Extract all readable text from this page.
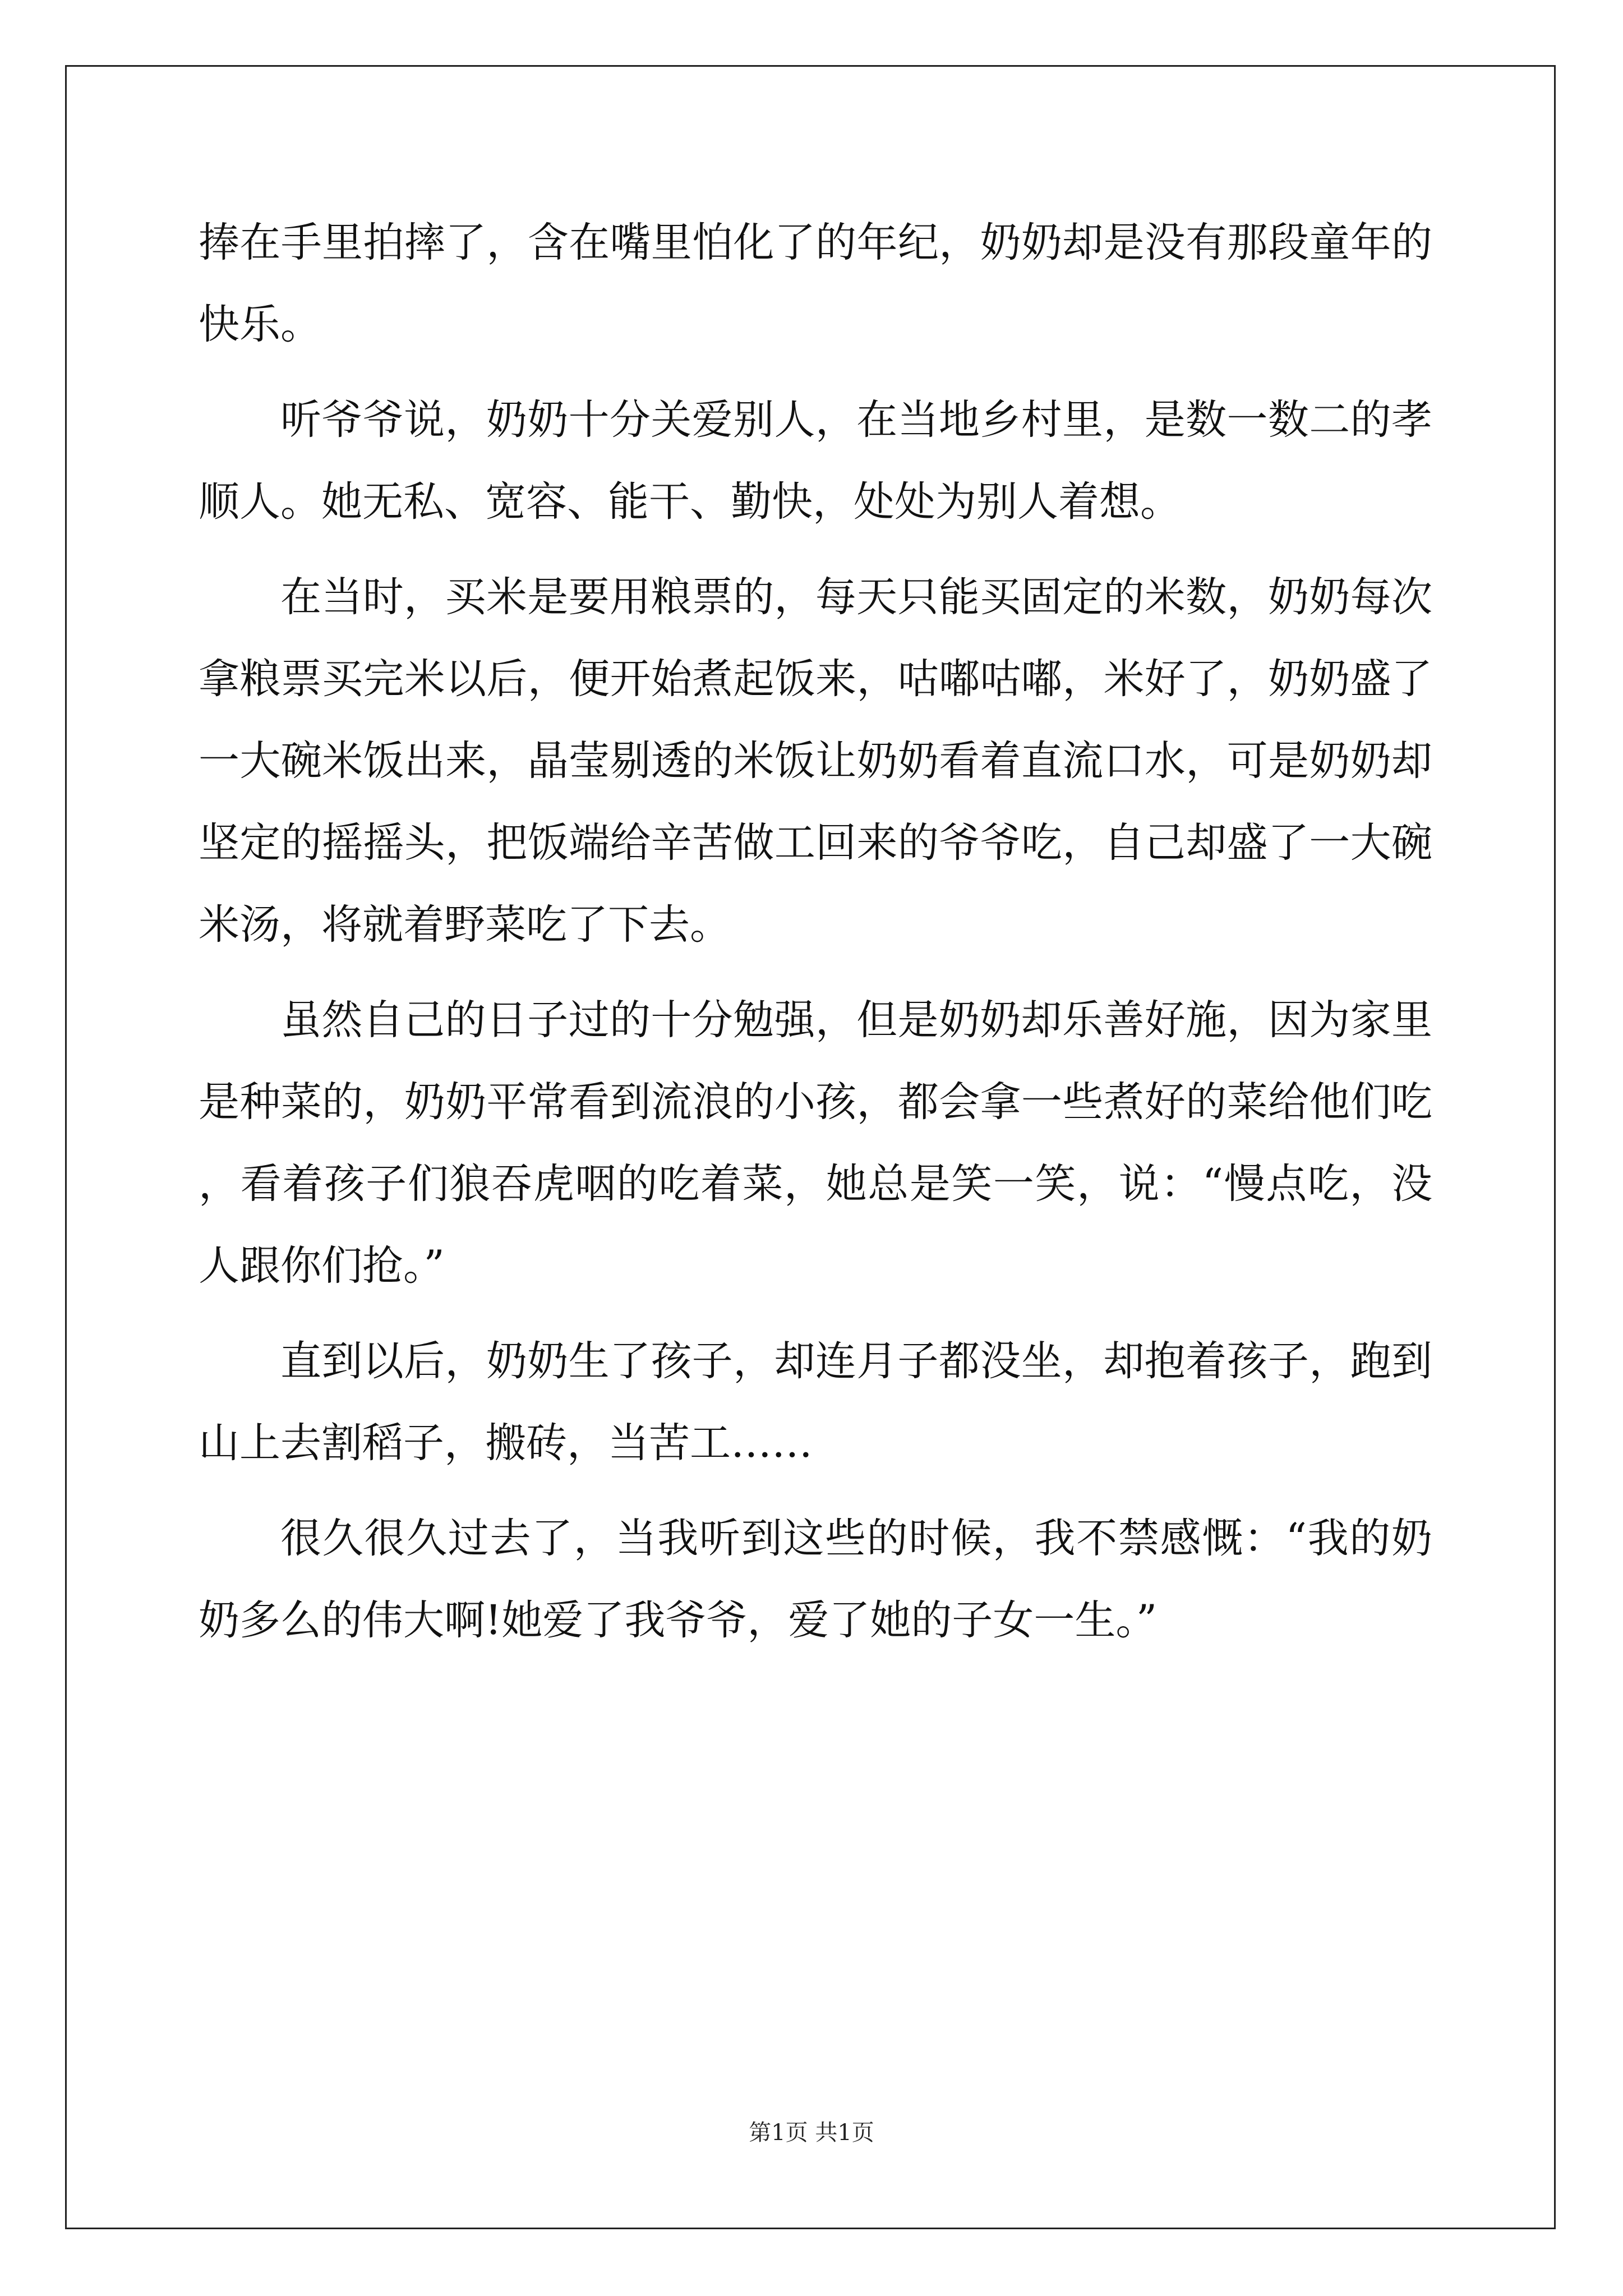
捧在手里拍摔了，含在嘴里怕化了的年纪，奶奶却是没有那段童年的快乐。

听爷爷说，奶奶十分关爱别人，在当地乡村里，是数一数二的孝顺人。她无私、宽容、能干、勤快，处处为别人着想。

在当时，买米是要用粮票的，每天只能买固定的米数，奶奶每次拿粮票买完米以后，便开始煮起饭来，咕嘟咕嘟，米好了，奶奶盛了一大碗米饭出来，晶莹剔透的米饭让奶奶看着直流口水，可是奶奶却坚定的摇摇头，把饭端给辛苦做工回来的爷爷吃，自己却盛了一大碗米汤，将就着野菜吃了下去。

虽然自己的日子过的十分勉强，但是奶奶却乐善好施，因为家里是种菜的，奶奶平常看到流浪的小孩，都会拿一些煮好的菜给他们吃，看着孩子们狼吞虎咽的吃着菜，她总是笑一笑，说：“慢点吃，没人跟你们抢。”

直到以后，奶奶生了孩子，却连月子都没坐，却抱着孩子，跑到山上去割稻子，搬砖，当苦工……

很久很久过去了，当我听到这些的时候，我不禁感慨：“我的奶奶多么的伟大啊!她爱了我爷爷，爱了她的子女一生。”

第1页 共1页
